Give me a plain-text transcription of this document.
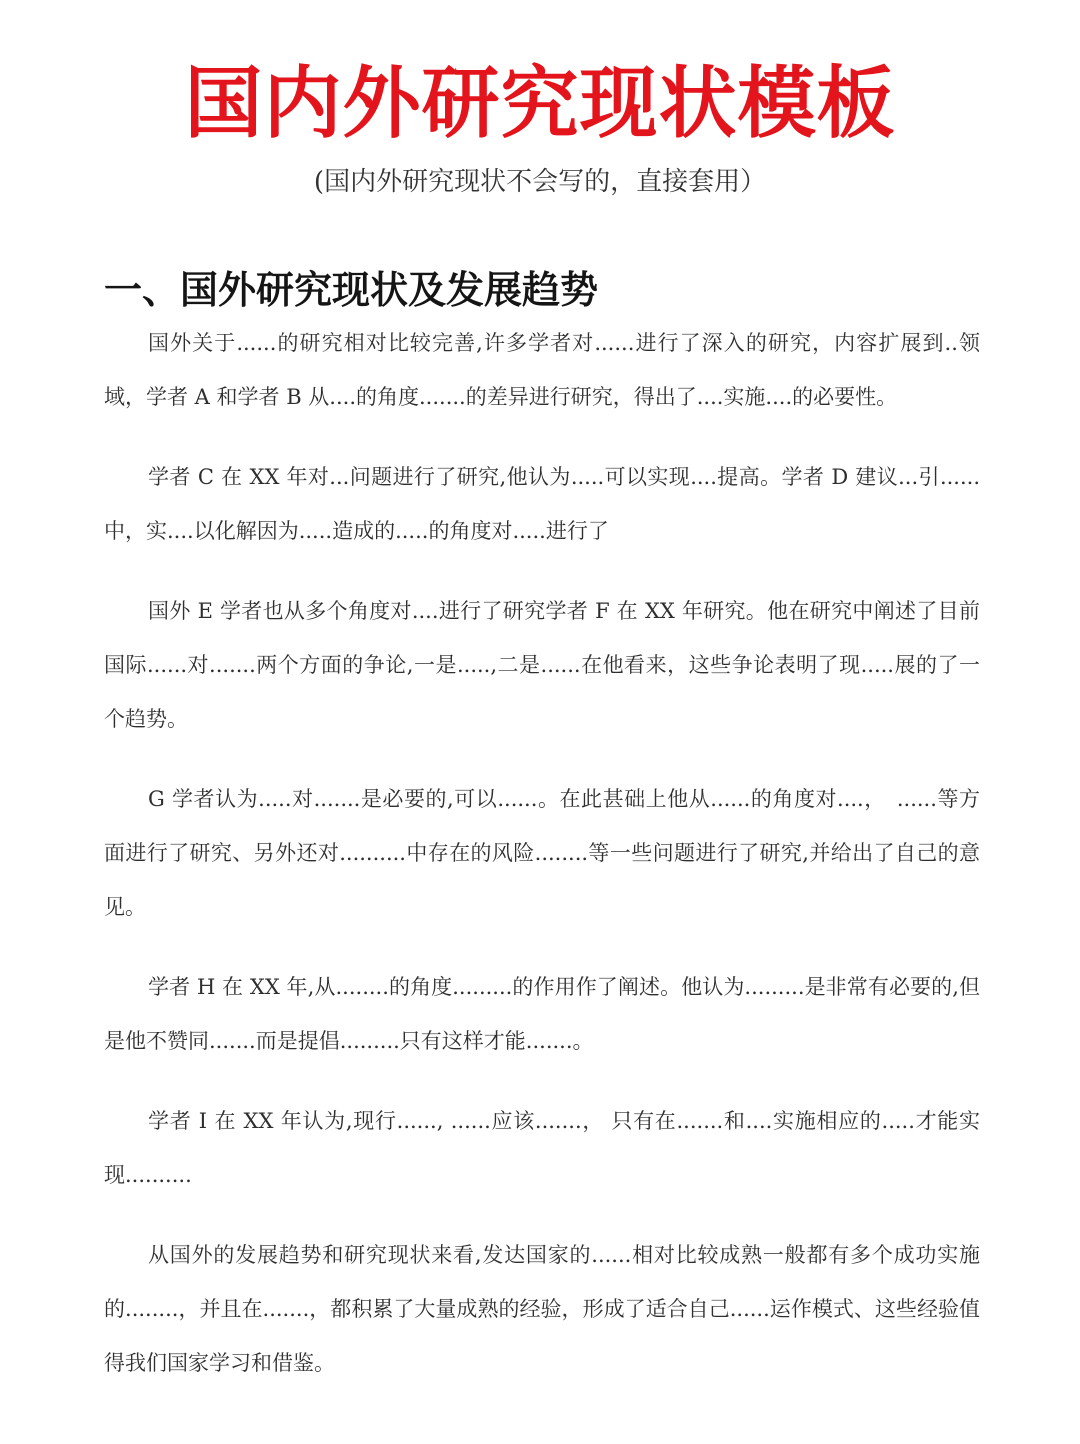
国内外研究现状模板

(国内外研究现状不会写的，直接套用）

一、国外研究现状及发展趋势

国外关于......的研究相对比较完善,许多学者对......进行了深入的研究，内容扩展到..领域，学者 A 和学者 B 从....的角度.......的差异进行研究，得出了....实施....的必要性。

学者 C 在 XX 年对...问题进行了研究,他认为.....可以实现....提高。学者 D 建议...引......中，实....以化解因为.....造成的.....的角度对.....进行了

国外 E 学者也从多个角度对....进行了研究学者 F 在 XX 年研究。他在研究中阐述了目前国际......对.......两个方面的争论,一是.....,二是......在他看来，这些争论表明了现.....展的了一个趋势。

G 学者认为.....对.......是必要的,可以......。在此甚础上他从......的角度对....，　......等方面进行了研究、另外还对..........中存在的风险........等一些问题进行了研究,并给出了自己的意见。

学者 H 在 XX 年,从........的角度.........的作用作了阐述。他认为.........是非常有必要的,但是他不赞同.......而是提倡.........只有这样才能.......。

学者 I 在 XX 年认为,现行......, ......应该.......， 只有在.......和....实施相应的.....才能实现..........

从国外的发展趋势和研究现状来看,发达国家的......相对比较成熟一般都有多个成功实施的........，并且在.......，都积累了大量成熟的经验，形成了适合自己......运作模式、这些经验值得我们国家学习和借鉴。
